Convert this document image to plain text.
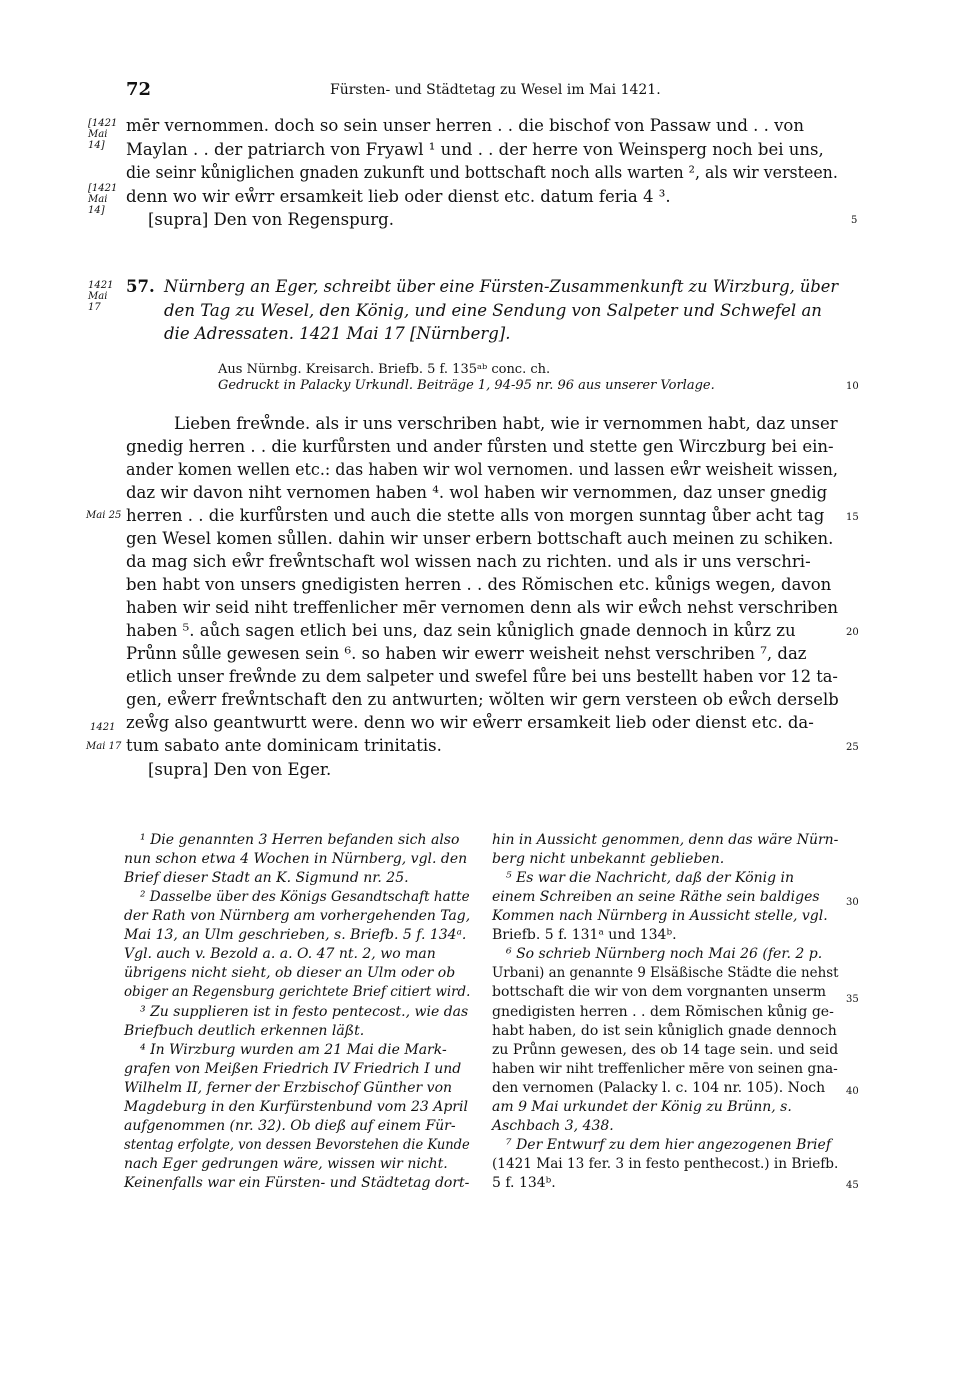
72	Fürsten- und Städtetag zu Wesel im Mai 1421.
[1421 Mai 14]
[1421 Mai 14]
mēr vernommen. doch so sein unser herren . . die bischof von Passaw und . . von
Maylan . . der patriarch von Fryawl ¹ und . . der herre von Weinsperg noch bei uns,
die seinr kůniglichen gnaden zukunft und bottschaft noch alls warten ², als wir versteen.
denn wo wir eẘrr ersamkeit lieb oder dienst etc. datum feria 4 ³.
[supra] Den von Regenspurg.
1421 Mai 17
57. Nürnberg an Eger, schreibt über eine Fürsten-Zusammenkunft zu Wirzburg, über
den Tag zu Wesel, den König, und eine Sendung von Salpeter und Schwefel an
die Adressaten. 1421 Mai 17 [Nürnberg].
Aus Nürnbg. Kreisarch. Briefb. 5 f. 135ᵃᵇ conc. ch.
Gedruckt in Palacky Urkundl. Beiträge 1, 94-95 nr. 96 aus unserer Vorlage.
Lieben freẘnde. als ir uns verschriben habt, wie ir vernommen habt, daz unser
gnedig herren . . die kurfůrsten und ander fůrsten und stette gen Wirczburg bei ein-
ander komen wellen etc.: das haben wir wol vernomen. und lassen eẘr weisheit wissen,
daz wir davon niht vernomen haben ⁴. wol haben wir vernommen, daz unser gnedig
herren . . die kurfůrsten und auch die stette alls von morgen sunntag ůber acht tag
gen Wesel komen sůllen. dahin wir unser erbern bottschaft auch meinen zu schiken.
da mag sich eẘr freẘntschaft wol wissen nach zu richten. und als ir uns verschri-
ben habt von unsers gnedigisten herren . . des Rŏmischen etc. kůnigs wegen, davon
haben wir seid niht treffenlicher mēr vernomen denn als wir eẘch nehst verschriben
haben ⁵. aůch sagen etlich bei uns, daz sein kůniglich gnade dennoch in kůrz zu
Průnn sůlle gewesen sein ⁶. so haben wir ewerr weisheit nehst verschriben ⁷, daz
etlich unser freẘnde zu dem salpeter und swefel fůre bei uns bestellt haben vor 12 ta-
gen, eẘerr freẘntschaft den zu antwurten; wŏlten wir gern versteen ob eẘch derselb
zeẘg also geantwurtt were. denn wo wir eẘerr ersamkeit lieb oder dienst etc. da-
tum sabato ante dominicam trinitatis.
[supra] Den von Eger.
Mai 25
1421
Mai 17
5
10
15
20
25
30
35
40
45
¹ Die genannten 3 Herren befanden sich also
nun schon etwa 4 Wochen in Nürnberg, vgl. den
Brief dieser Stadt an K. Sigmund nr. 25.
² Dasselbe über des Königs Gesandtschaft hatte
der Rath von Nürnberg am vorhergehenden Tag,
Mai 13, an Ulm geschrieben, s. Briefb. 5 f. 134ᵃ.
Vgl. auch v. Bezold a. a. O. 47 nt. 2, wo man
übrigens nicht sieht, ob dieser an Ulm oder ob
obiger an Regensburg gerichtete Brief citiert wird.
³ Zu supplieren ist in festo pentecost., wie das
Briefbuch deutlich erkennen läßt.
⁴ In Wirzburg wurden am 21 Mai die Mark-
grafen von Meißen Friedrich IV Friedrich I und
Wilhelm II, ferner der Erzbischof Günther von
Magdeburg in den Kurfürstenbund vom 23 April
aufgenommen (nr. 32). Ob dieß auf einem Für-
stentag erfolgte, von dessen Bevorstehen die Kunde
nach Eger gedrungen wäre, wissen wir nicht.
Keinenfalls war ein Fürsten- und Städtetag dort-
hin in Aussicht genommen, denn das wäre Nürn-
berg nicht unbekannt geblieben.
⁵ Es war die Nachricht, daß der König in
einem Schreiben an seine Räthe sein baldiges
Kommen nach Nürnberg in Aussicht stelle, vgl.
Briefb. 5 f. 131ᵃ und 134ᵇ.
⁶ So schrieb Nürnberg noch Mai 26 (fer. 2 p.
Urbani) an genannte 9 Elsäßische Städte die nehst
bottschaft die wir von dem vorgnanten unserm
gnedigisten herren . . dem Rŏmischen kůnig ge-
habt haben, do ist sein kůniglich gnade dennoch
zu Průnn gewesen, des ob 14 tage sein. und seid
haben wir niht treffenlicher mēre von seinen gna-
den vernomen (Palacky l. c. 104 nr. 105). Noch
am 9 Mai urkundet der König zu Brünn, s.
Aschbach 3, 438.
⁷ Der Entwurf zu dem hier angezogenen Brief
(1421 Mai 13 fer. 3 in festo penthecost.) in Briefb.
5 f. 134ᵇ.
